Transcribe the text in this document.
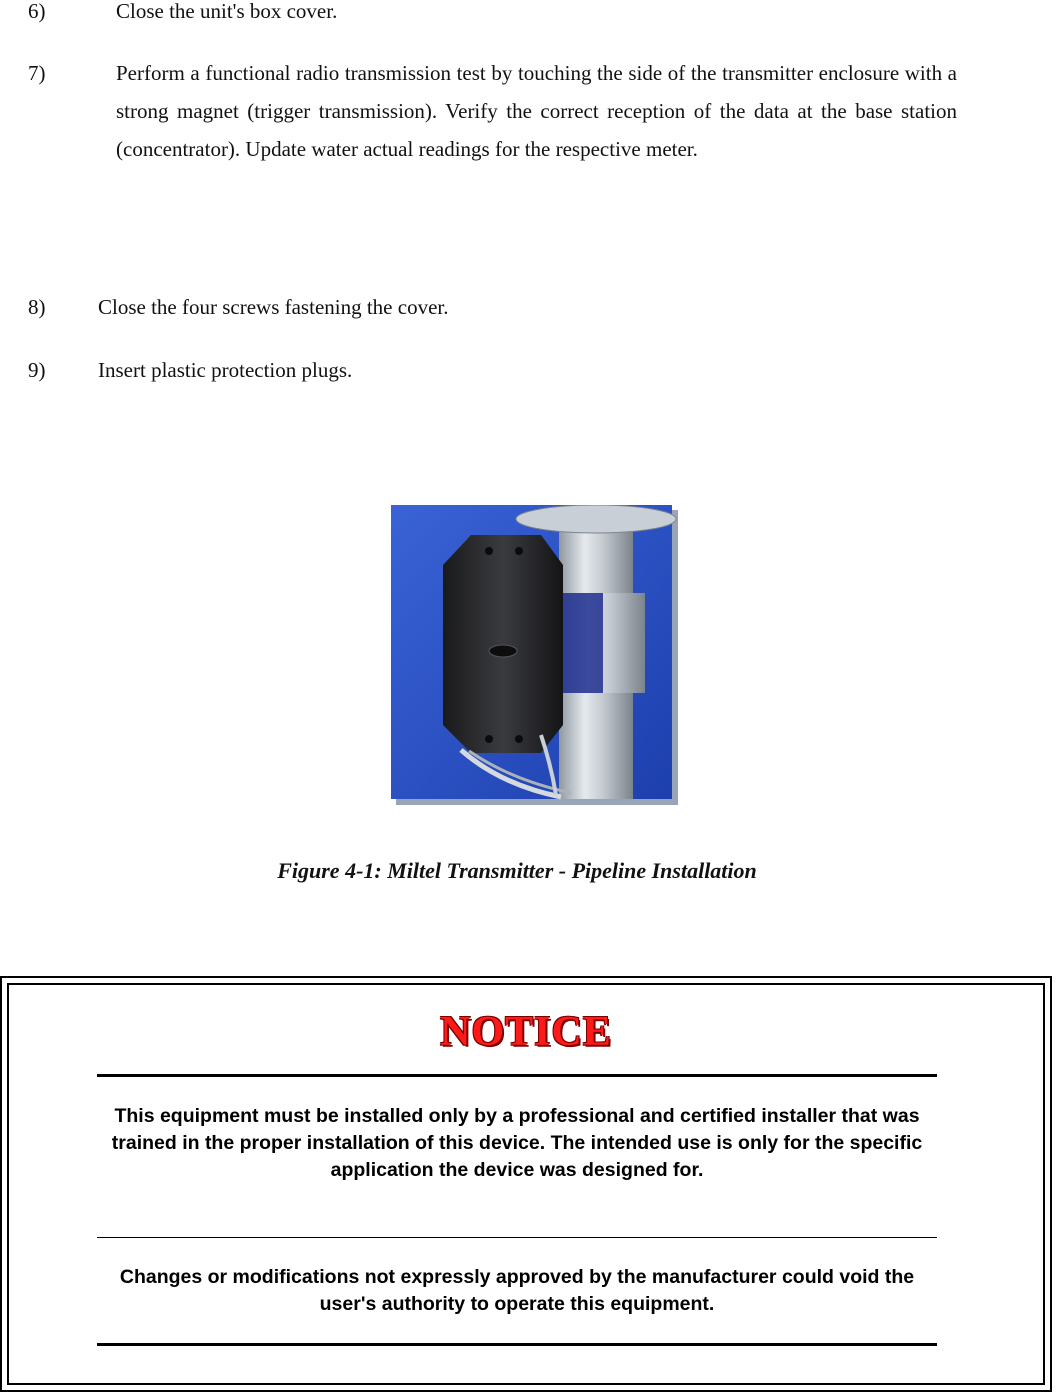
6)	Close the unit's box cover.
7)	Perform a functional radio transmission test by touching the side of the transmitter enclosure with a strong magnet (trigger transmission). Verify the correct reception of the data at the base station (concentrator). Update water actual readings for the respective meter.
8)	Close the four screws fastening the cover.
9)	Insert plastic protection plugs.
Figure 4-1: Miltel Transmitter - Pipeline Installation
NOTICE
This equipment must be installed only by a professional and certified installer that was trained in the proper installation of this device. The intended use is only for the specific application the device was designed for.
Changes or modifications not expressly approved by the manufacturer could void the user's authority to operate this equipment.
